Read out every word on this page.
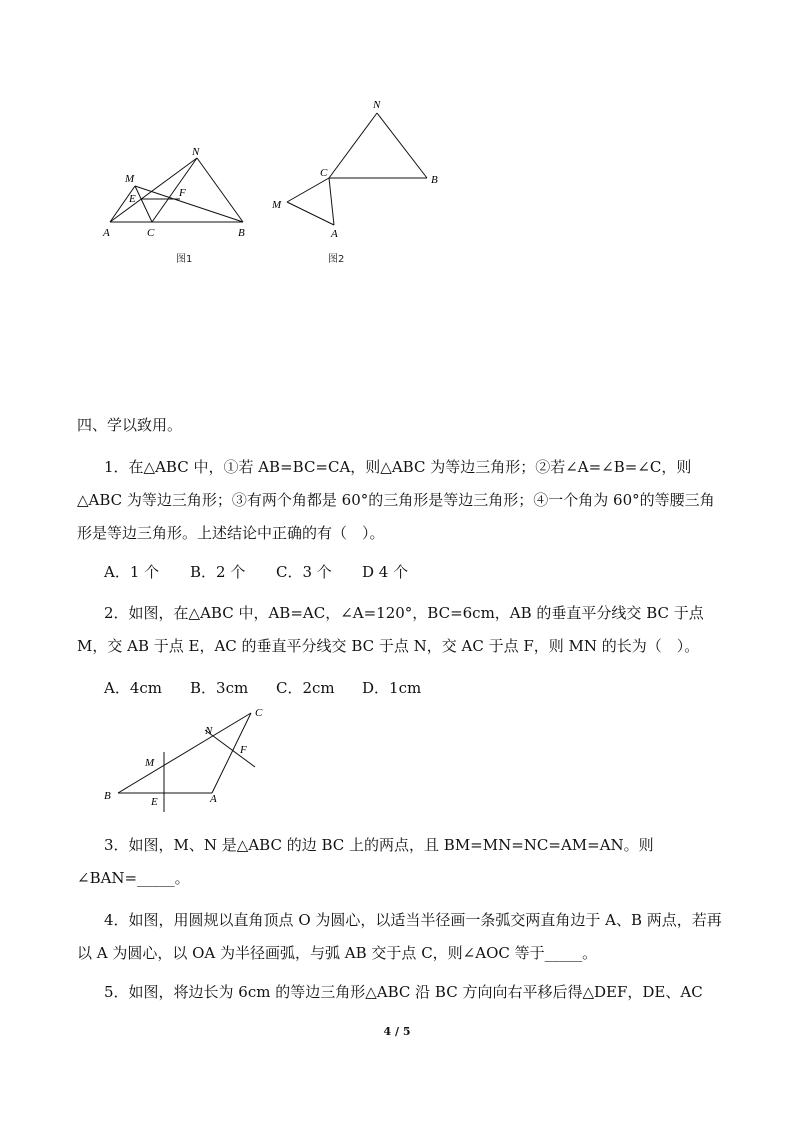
N
M
E	F
A	C	B
图1
N
C
B
M
A
图2
四、学以致用。

1．在△ABC 中，①若 AB=BC=CA，则△ABC 为等边三角形；②若∠A=∠B=∠C，则△ABC 为等边三角形；③有两个角都是 60°的三角形是等边三角形；④一个角为 60°的等腰三角形是等边三角形。上述结论中正确的有（　）。

A．1 个 B．2 个 C．3 个 D 4 个

2．如图，在△ABC 中，AB=AC，∠A=120°，BC=6cm，AB 的垂直平分线交 BC 于点 M，交 AB 于点 E，AC 的垂直平分线交 BC 于点 N，交 AC 于点 F，则 MN 的长为（　）。

A．4cm B．3cm C．2cm D．1cm
C
N
F
M
B	E	A

3．如图，M、N 是△ABC 的边 BC 上的两点，且 BM=MN=NC=AM=AN。则∠BAN=_____。

4．如图，用圆规以直角顶点 O 为圆心，以适当半径画一条弧交两直角边于 A、B 两点，若再以 A 为圆心，以 OA 为半径画弧，与弧 AB 交于点 C，则∠AOC 等于_____。

5．如图，将边长为 6cm 的等边三角形△ABC 沿 BC 方向向右平移后得△DEF，DE、AC

4 / 5
